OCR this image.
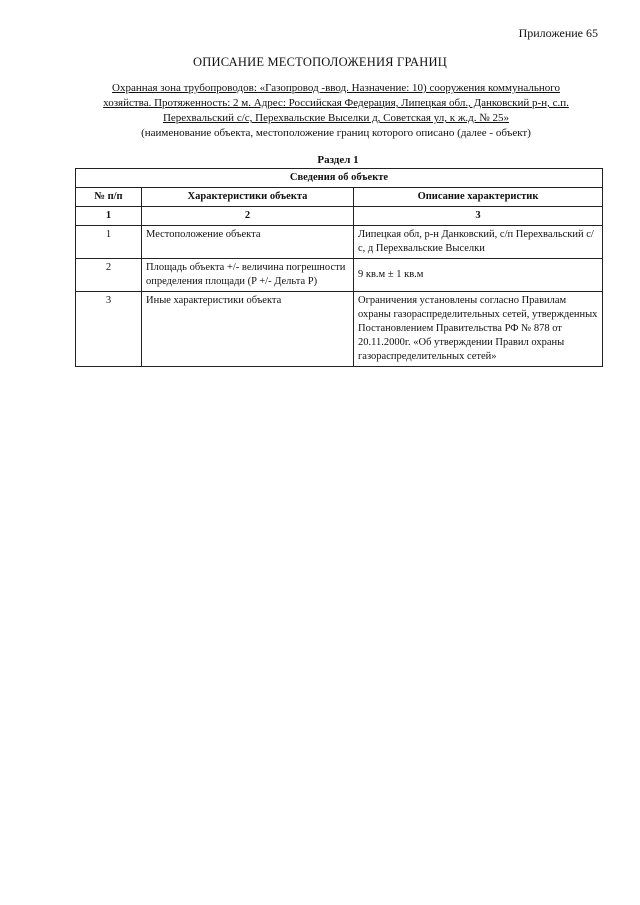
Приложение 65
ОПИСАНИЕ МЕСТОПОЛОЖЕНИЯ ГРАНИЦ
Охранная зона трубопроводов: «Газопровод -ввод. Назначение: 10) сооружения коммунального
хозяйства. Протяженность: 2 м. Адрес: Российская Федерация, Липецкая обл., Данковский р-н, с.п.
Перехвальский с/с, Перехвальские Выселки д, Советская ул, к ж.д. № 25»
(наименование объекта, местоположение границ которого описано (далее - объект)
Раздел 1
Сведения об объекте		
№ п/п	Характеристики объекта	Описание характеристик
1	2	3
1	Местоположение объекта	Липецкая обл, р-н Данковский, с/п Перехвальский с/с, д Перехвальские Выселки
2	Площадь объекта +/- величина погрешности определения площади (P +/- Дельта P)	9 кв.м ± 1 кв.м
3	Иные характеристики объекта	Ограничения установлены согласно Правилам охраны газораспределительных сетей, утвержденных Постановлением Правительства РФ № 878 от 20.11.2000г. «Об утверждении Правил охраны газораспределительных сетей»
